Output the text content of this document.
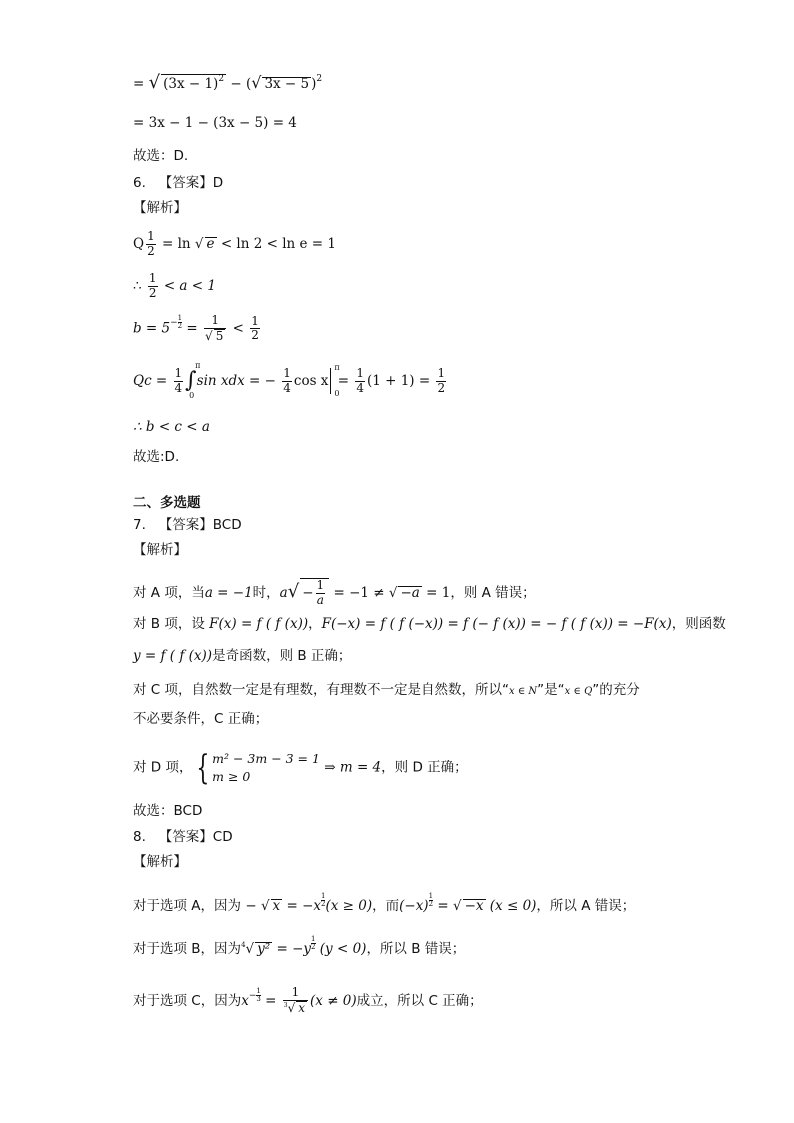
= √ $(3x - 1)^2$ − (√ 3x − 5 )$^2$
= 3x − 1 − (3x − 5) = 4
故选：D.
6. 【答案】D
【解析】
Q $\frac{1}{2} = \ln$ √ e < ln 2 < ln e = 1
∴ $\frac{1}{2} < a < 1$
$b = 5^{- \frac{1}{2}} = \frac{1}{√ 5} < \frac{1}{2}$
$Qc = \frac{1}{4}$ ∫
π
0
sin xdx = − $\frac{1}{4}$ cos x
π
0
= $\frac{1}{4} (1 + 1) = \frac{1}{2}$
∴ b < c < a
故选:D.
二、多选题
7. 【答案】BCD
【解析】
对 A 项，当a = −1时，$a√ - \frac{1}{a} = -1$ ≠ √ −a = 1，则 A 错误；
对 B 项，设 F(x) = f ( f (x))，F(−x) = f ( f (−x)) = f (− f (x)) = − f ( f (x)) = −F(x)，则函数
y = f ( f (x))是奇函数，则 B 正确；
对 C 项，自然数一定是有理数，有理数不一定是自然数，所以“x ∈ N”是“x ∈ Q”的充分
不必要条件，C 正确；
对 D 项， { m² − 3m − 3 = 1
m ≥ 0
⇒ m = 4，则 D 正确；
故选：BCD
8. 【答案】CD
【解析】
对于选项 A，因为 − √ x = −x $^{\frac{1}{2}}$ (x ≥ 0)，而(−x) $^{\frac{1}{2}}$ = √ −x (x ≤ 0)，所以 A 错误；
对于选项 B，因为$^4$√ y² = −y $^{\frac{1}{2}}$ (y < 0)，所以 B 错误；
对于选项 C，因为$x^{- \frac{1}{3}} = \frac{1}{^3√ x} (x \ne 0)$成立，所以 C 正确；
